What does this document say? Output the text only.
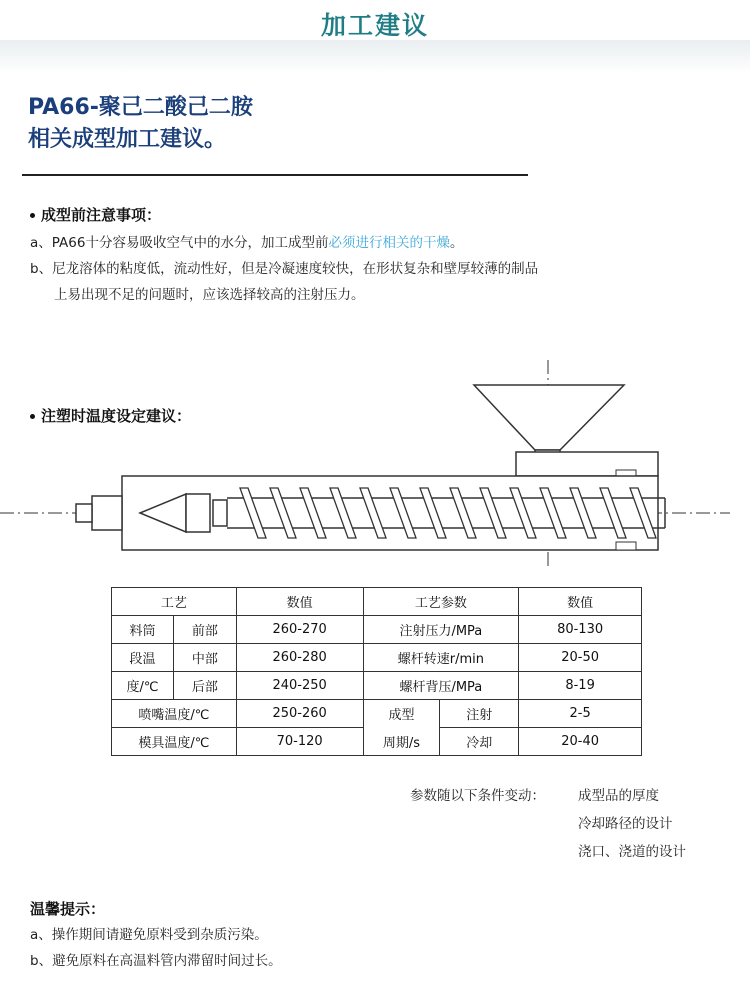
加工建议
PA66-聚己二酸己二胺
相关成型加工建议。
成型前注意事项：
a、PA66十分容易吸收空气中的水分，加工成型前必须进行相关的干燥。
b、尼龙溶体的粘度低，流动性好，但是冷凝速度较快，在形状复杂和壁厚较薄的制品
上易出现不足的问题时，应该选择较高的注射压力。
注塑时温度设定建议：
工艺		数值	工艺参数		数值
料筒	前部	260-270	注射压力/MPa		80-130
段温	中部	260-280	螺杆转速r/min		20-50
度/℃	后部	240-250	螺杆背压/MPa		8-19
喷嘴温度/℃		250-260	成型	注射	2-5
模具温度/℃		70-120	周期/s	冷却	20-40
参数随以下条件变动： 成型品的厚度
冷却路径的设计
浇口、浇道的设计
温馨提示：
a、操作期间请避免原料受到杂质污染。
b、避免原料在高温料管内滞留时间过长。
